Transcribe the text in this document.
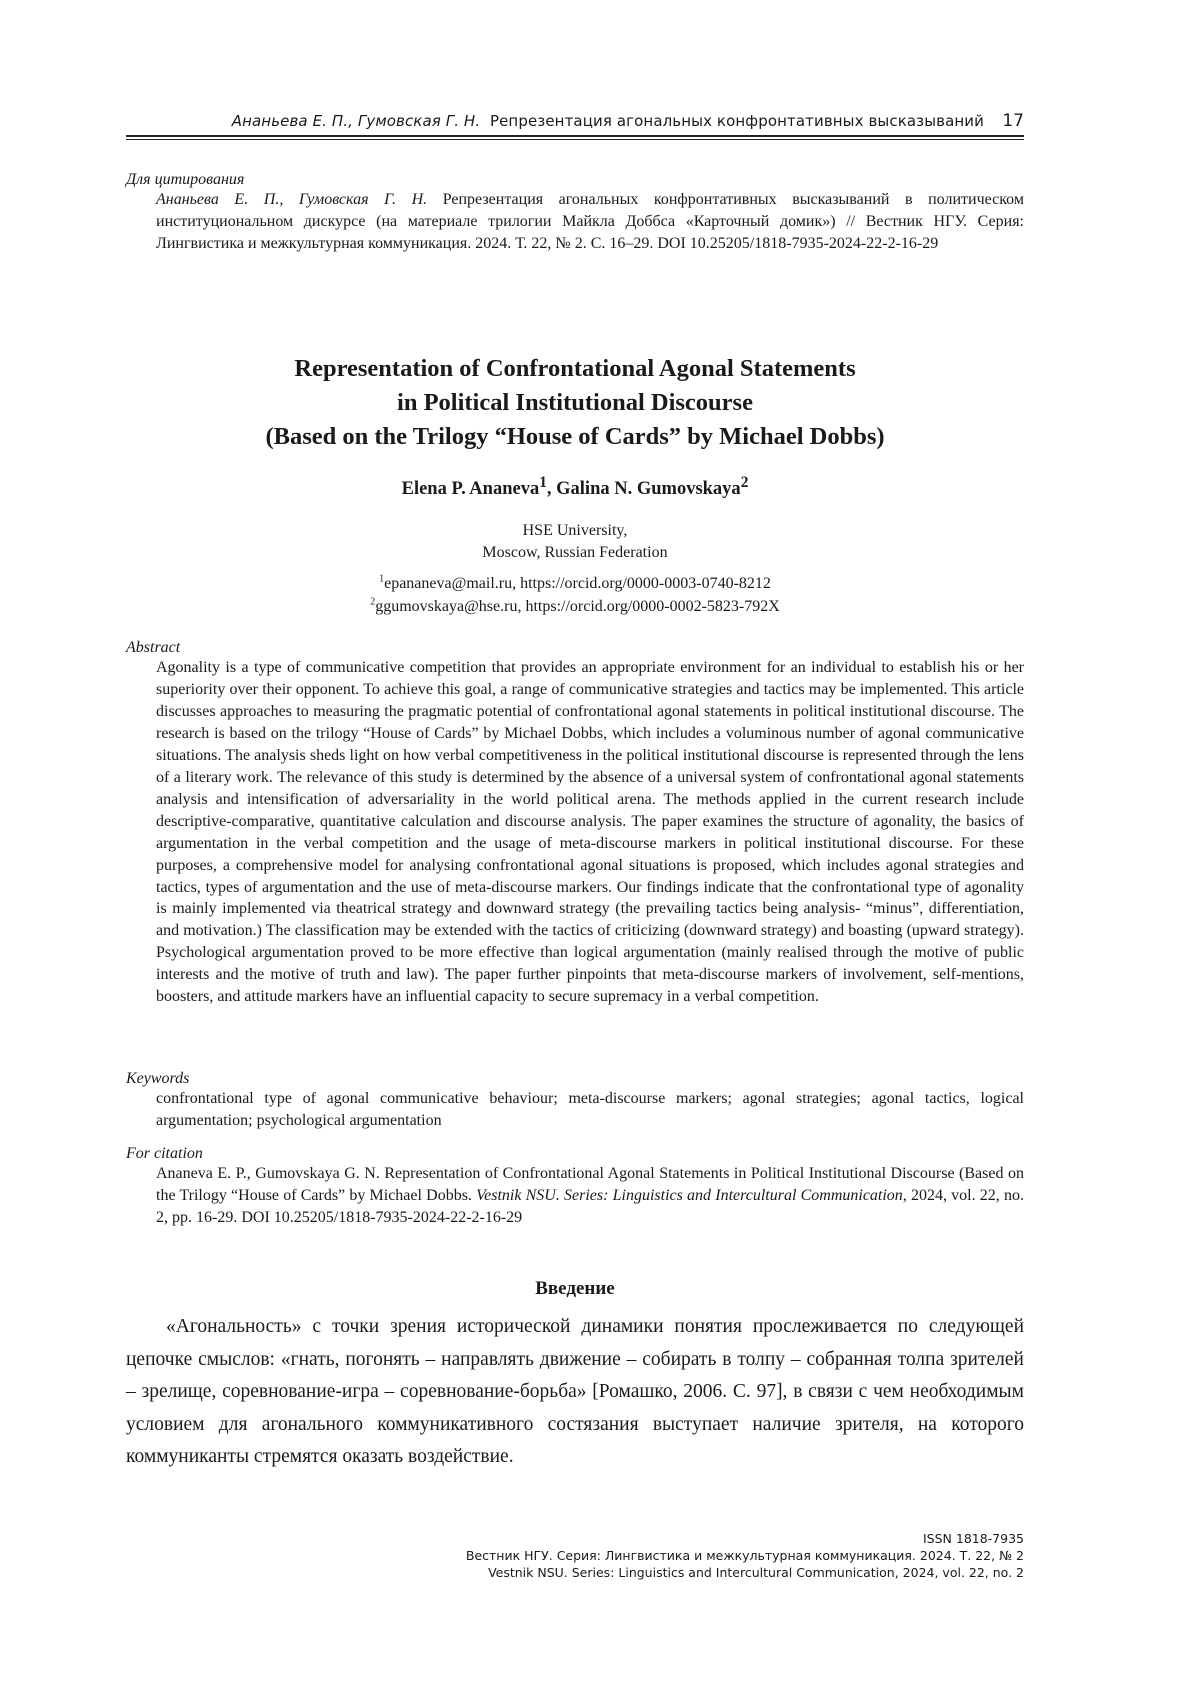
Ананьева Е. П., Гумовская Г. Н. Репрезентация агональных конфронтативных высказываний 17
Для цитирования
Ананьева Е. П., Гумовская Г. Н. Репрезентация агональных конфронтативных высказываний в политическом институциональном дискурсе (на материале трилогии Майкла Доббса «Карточный домик») // Вестник НГУ. Серия: Лингвистика и межкультурная коммуникация. 2024. Т. 22, № 2. С. 16–29. DOI 10.25205/1818-7935-2024-22-2-16-29
Representation of Confrontational Agonal Statements
in Political Institutional Discourse
(Based on the Trilogy “House of Cards” by Michael Dobbs)
Elena P. Ananeva1, Galina N. Gumovskaya2
HSE University,
Moscow, Russian Federation
1epananeva@mail.ru, https://orcid.org/0000-0003-0740-8212
2ggumovskaya@hse.ru, https://orcid.org/0000-0002-5823-792X
Abstract
Agonality is a type of communicative competition that provides an appropriate environment for an individual to establish his or her superiority over their opponent. To achieve this goal, a range of communicative strategies and tactics may be implemented. This article discusses approaches to measuring the pragmatic potential of confrontational agonal statements in political institutional discourse. The research is based on the trilogy “House of Cards” by Michael Dobbs, which includes a voluminous number of agonal communicative situations. The analysis sheds light on how verbal competitiveness in the political institutional discourse is represented through the lens of a literary work. The relevance of this study is determined by the absence of a universal system of confrontational agonal statements analysis and intensification of adversariality in the world political arena. The methods applied in the current research include descriptive-comparative, quantitative calculation and discourse analysis. The paper examines the structure of agonality, the basics of argumentation in the verbal competition and the usage of meta-discourse markers in political institutional discourse. For these purposes, a comprehensive model for analysing confrontational agonal situations is proposed, which includes agonal strategies and tactics, types of argumentation and the use of meta-discourse markers. Our findings indicate that the confrontational type of agonality is mainly implemented via theatrical strategy and downward strategy (the prevailing tactics being analysis- “minus”, differentiation, and motivation.) The classification may be extended with the tactics of criticizing (downward strategy) and boasting (upward strategy). Psychological argumentation proved to be more effective than logical argumentation (mainly realised through the motive of public interests and the motive of truth and law). The paper further pinpoints that meta-discourse markers of involvement, self-mentions, boosters, and attitude markers have an influential capacity to secure supremacy in a verbal competition.
Keywords
confrontational type of agonal communicative behaviour; meta-discourse markers; agonal strategies; agonal tactics, logical argumentation; psychological argumentation
For citation
Ananeva E. P., Gumovskaya G. N. Representation of Confrontational Agonal Statements in Political Institutional Discourse (Based on the Trilogy “House of Cards” by Michael Dobbs. Vestnik NSU. Series: Linguistics and Intercultural Communication, 2024, vol. 22, no. 2, pp. 16-29. DOI 10.25205/1818-7935-2024-22-2-16-29
Введение
«Агональность» с точки зрения исторической динамики понятия прослеживается по следующей цепочке смыслов: «гнать, погонять – направлять движение – собирать в толпу – собранная толпа зрителей – зрелище, соревнование-игра – соревнование-борьба» [Ромашко, 2006. С. 97], в связи с чем необходимым условием для агонального коммуникативного состязания выступает наличие зрителя, на которого коммуниканты стремятся оказать воздействие.
ISSN 1818-7935
Вестник НГУ. Серия: Лингвистика и межкультурная коммуникация. 2024. Т. 22, № 2
Vestnik NSU. Series: Linguistics and Intercultural Communication, 2024, vol. 22, no. 2
